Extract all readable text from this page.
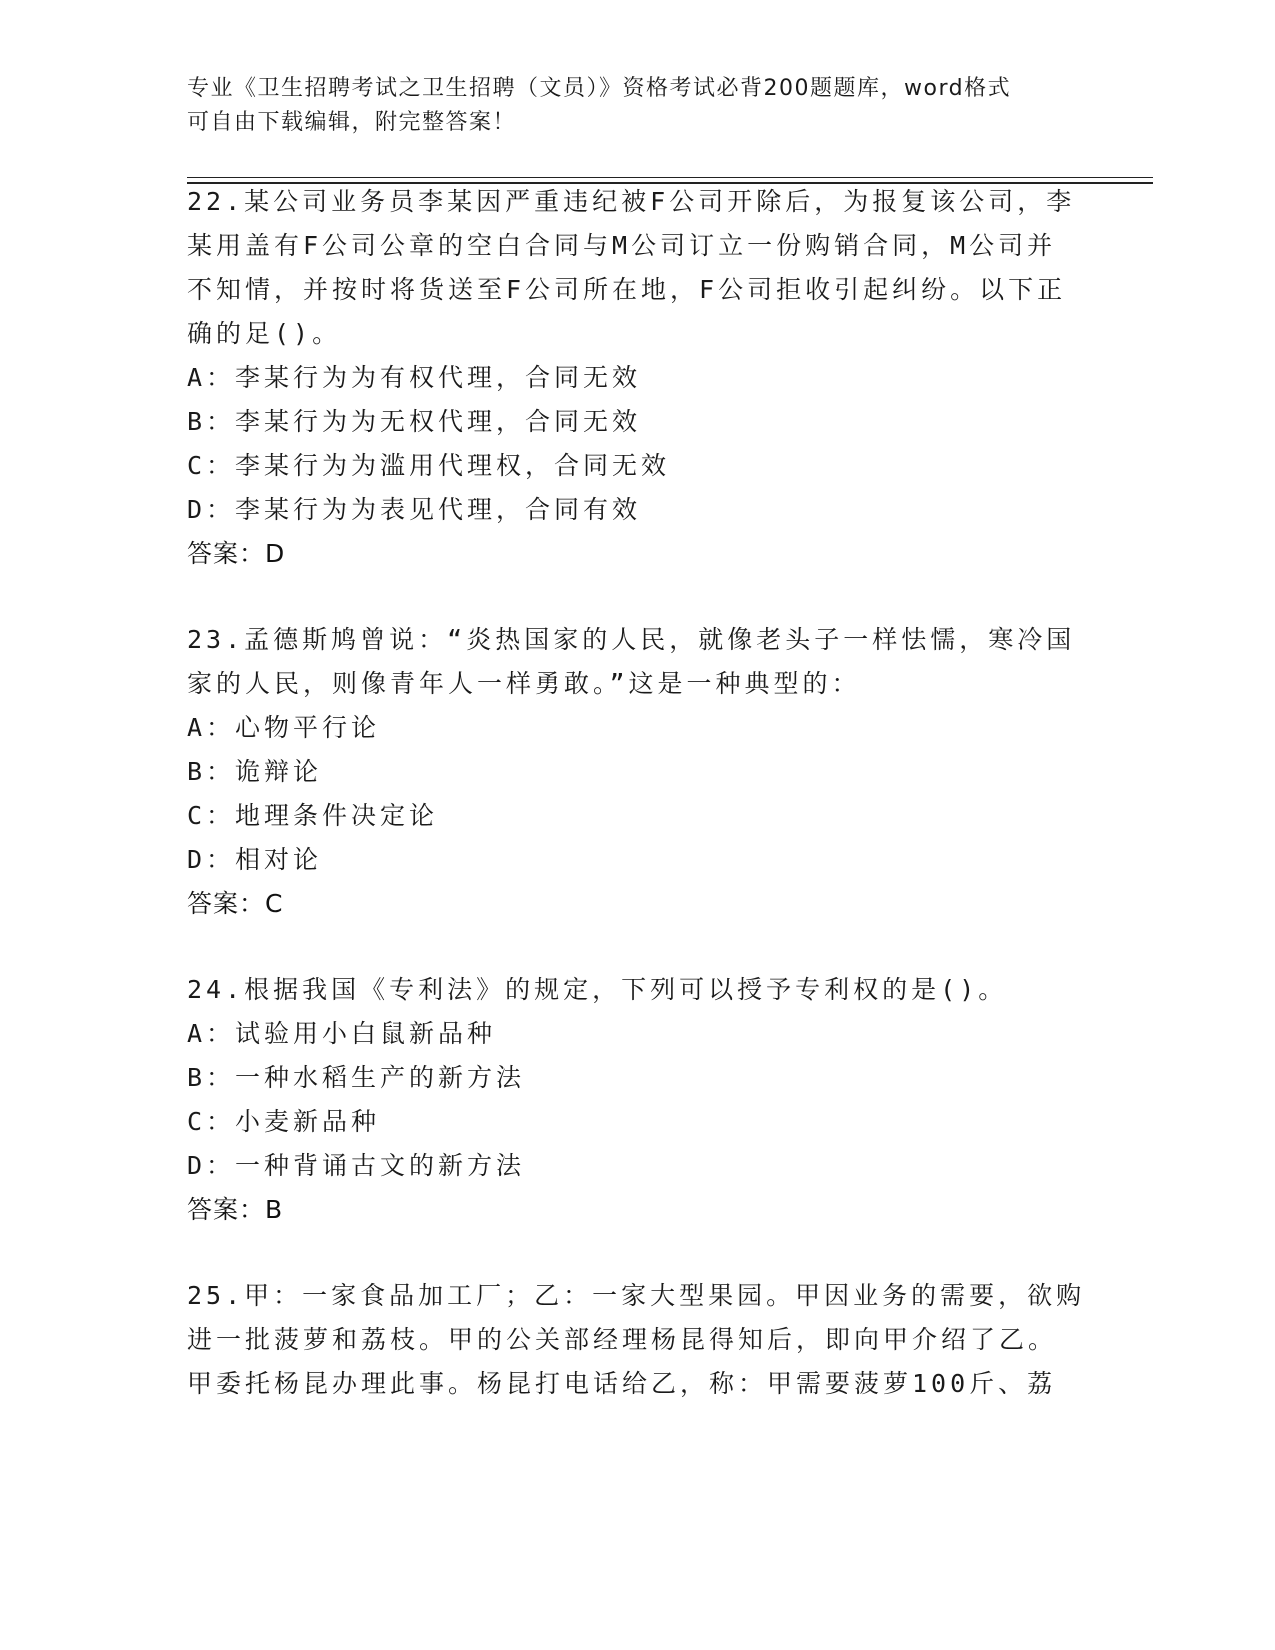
专业《卫生招聘考试之卫生招聘（文员）》资格考试必背200题题库，word格式
可自由下载编辑，附完整答案！
22.某公司业务员李某因严重违纪被F公司开除后，为报复该公司，李
某用盖有F公司公章的空白合同与M公司订立一份购销合同，M公司并
不知情，并按时将货送至F公司所在地，F公司拒收引起纠纷。以下正
确的足()。
A：李某行为为有权代理，合同无效
B：李某行为为无权代理，合同无效
C：李某行为为滥用代理权，合同无效
D：李某行为为表见代理，合同有效
答案：D
23.孟德斯鸠曾说：“炎热国家的人民，就像老头子一样怯懦，寒冷国
家的人民，则像青年人一样勇敢。”这是一种典型的：
A：心物平行论
B：诡辩论
C：地理条件决定论
D：相对论
答案：C
24.根据我国《专利法》的规定，下列可以授予专利权的是()。
A：试验用小白鼠新品种
B：一种水稻生产的新方法
C：小麦新品种
D：一种背诵古文的新方法
答案：B
25.甲：一家食品加工厂；乙：一家大型果园。甲因业务的需要，欲购
进一批菠萝和荔枝。甲的公关部经理杨昆得知后，即向甲介绍了乙。
甲委托杨昆办理此事。杨昆打电话给乙，称：甲需要菠萝100斤、荔
